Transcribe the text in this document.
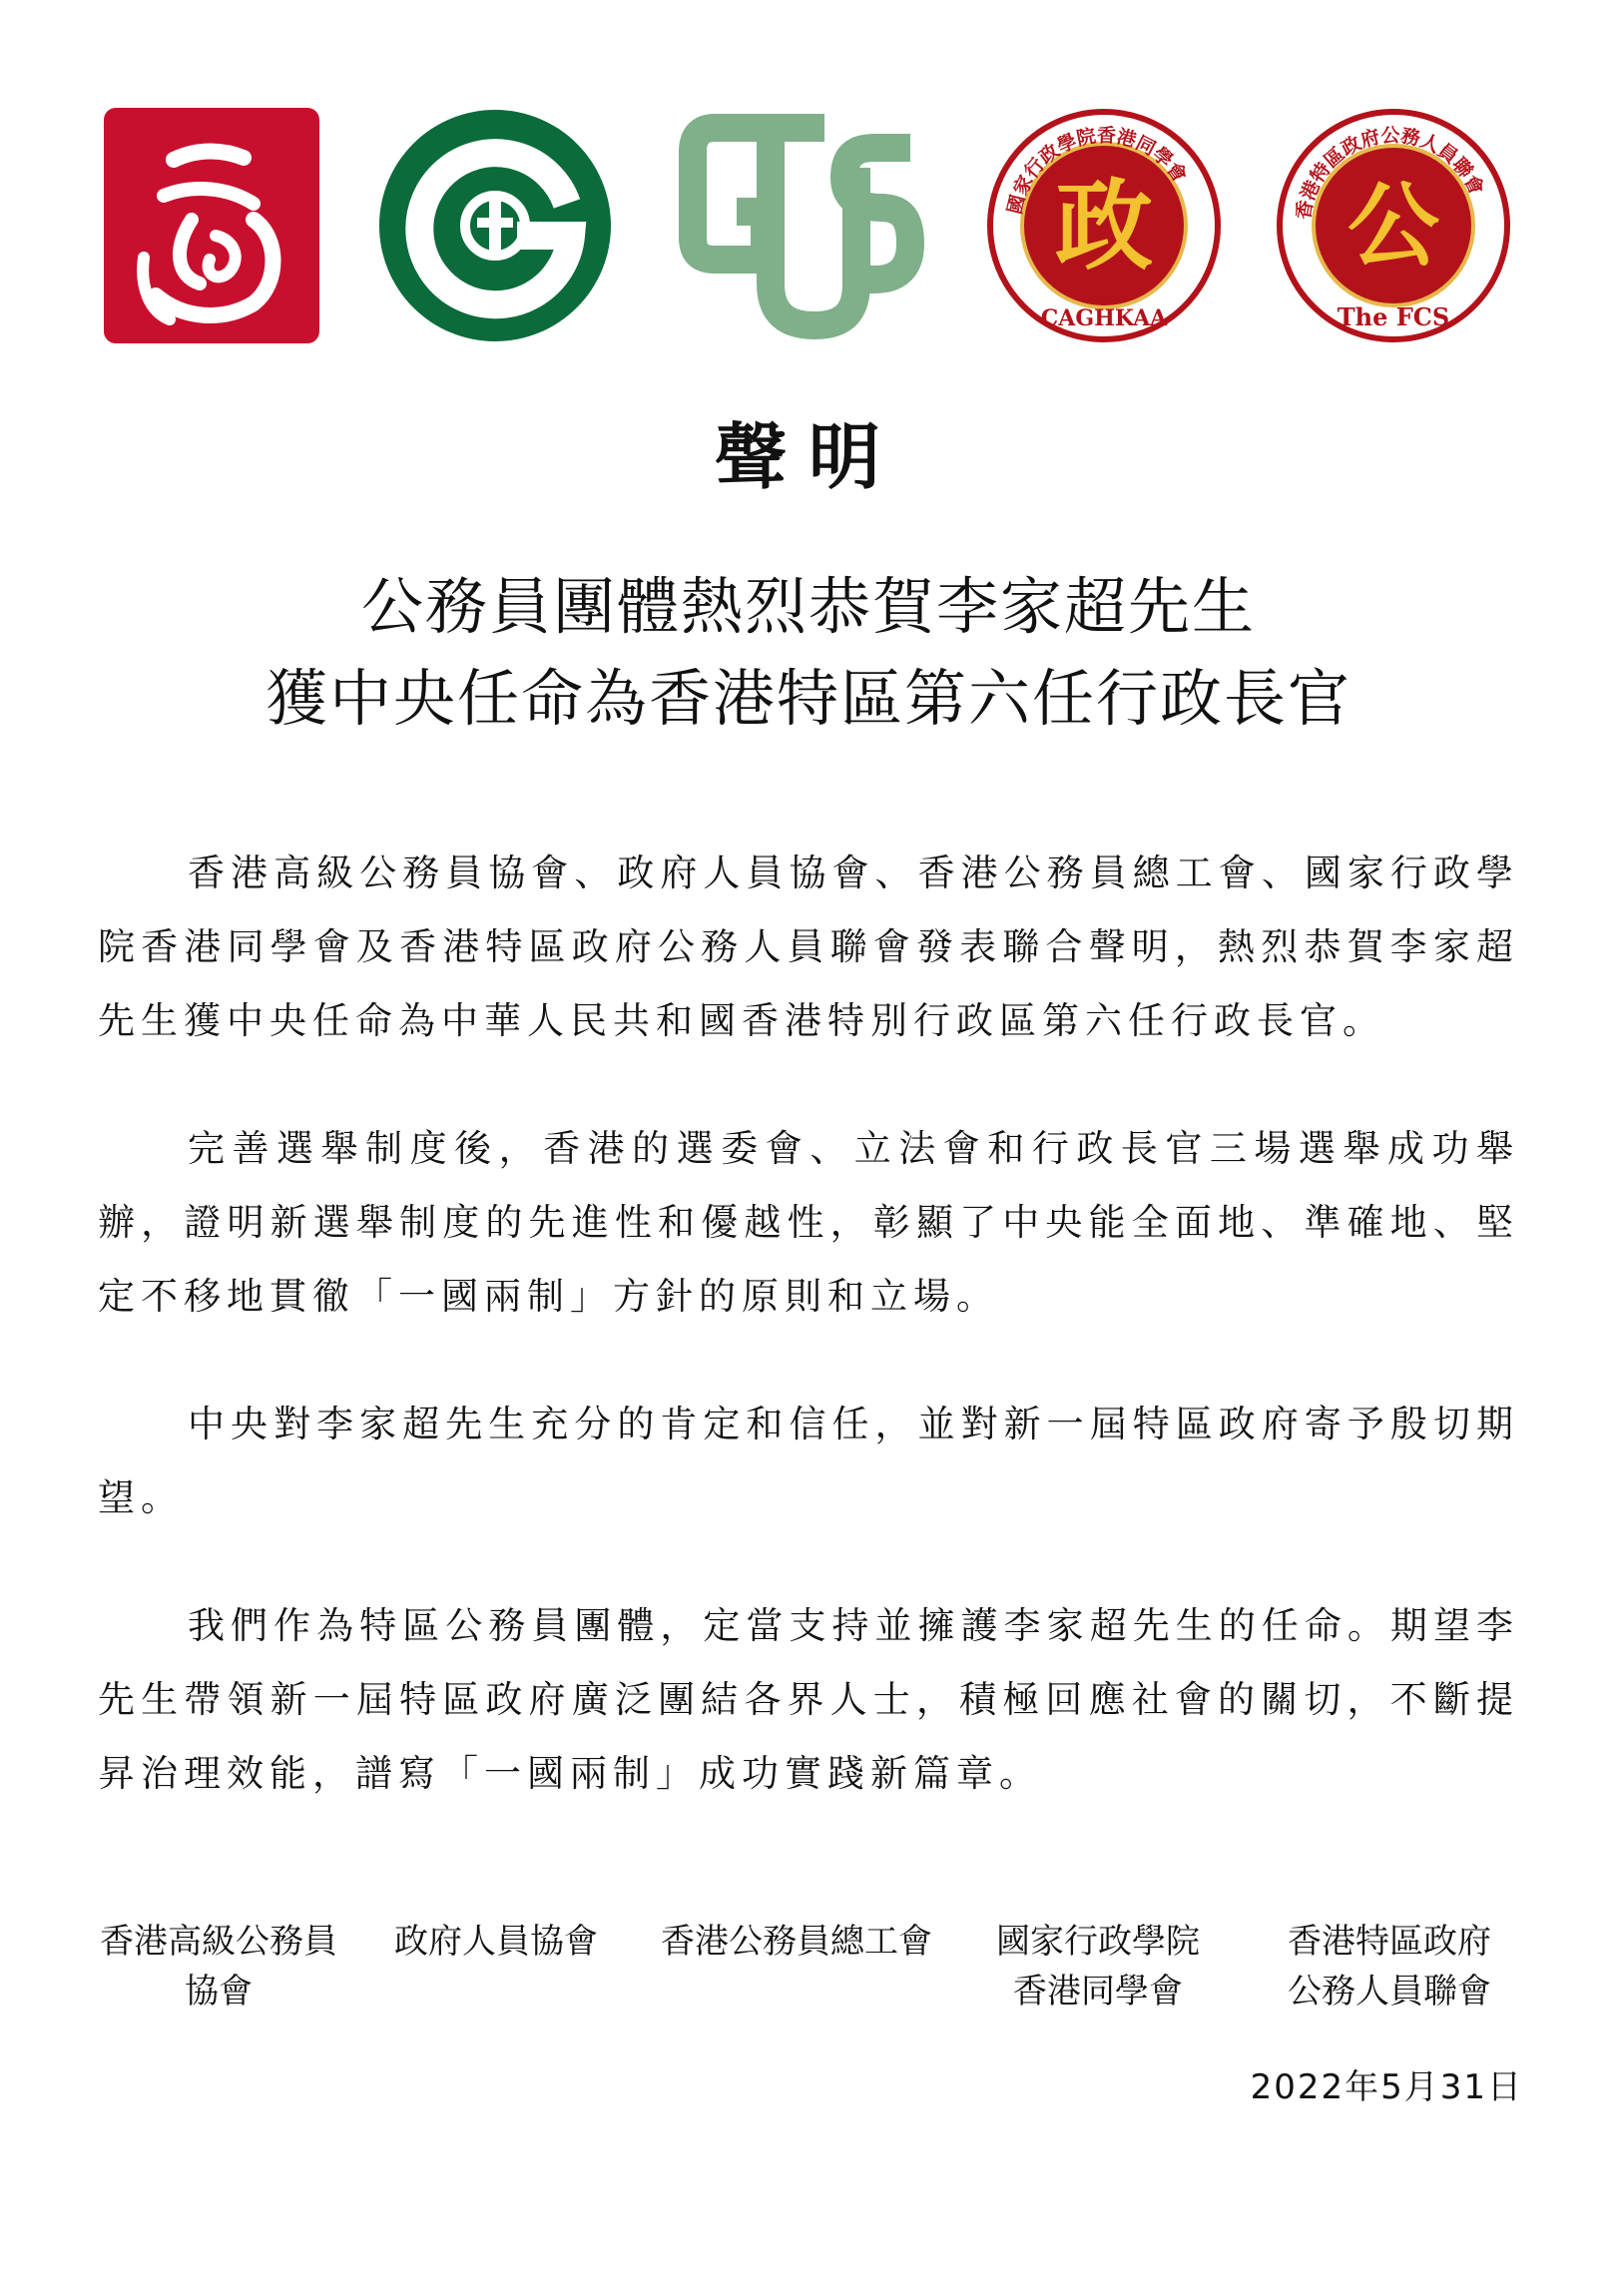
政
CAGHKAA
國家行政學院香港同學會 公
The FCS
香港特區政府公務人員聯會
聲明
公務員團體熱烈恭賀李家超先生
獲中央任命為香港特區第六任行政長官

香港高級公務員協會、政府人員協會、香港公務員總工會、國家行政學院香港同學會及香港特區政府公務人員聯會發表聯合聲明，熱烈恭賀李家超先生獲中央任命為中華人民共和國香港特別行政區第六任行政長官。

完善選舉制度後，香港的選委會、立法會和行政長官三場選舉成功舉辦，證明新選舉制度的先進性和優越性，彰顯了中央能全面地、準確地、堅定不移地貫徹「一國兩制」方針的原則和立場。

中央對李家超先生充分的肯定和信任，並對新一屆特區政府寄予殷切期望。

我們作為特區公務員團體，定當支持並擁護李家超先生的任命。期望李先生帶領新一屆特區政府廣泛團結各界人士，積極回應社會的關切，不斷提昇治理效能，譜寫「一國兩制」成功實踐新篇章。

香港高級公務員
協會
政府人員協會 香港公務員總工會 國家行政學院
香港同學會
香港特區政府
公務人員聯會
2022年5月31日
